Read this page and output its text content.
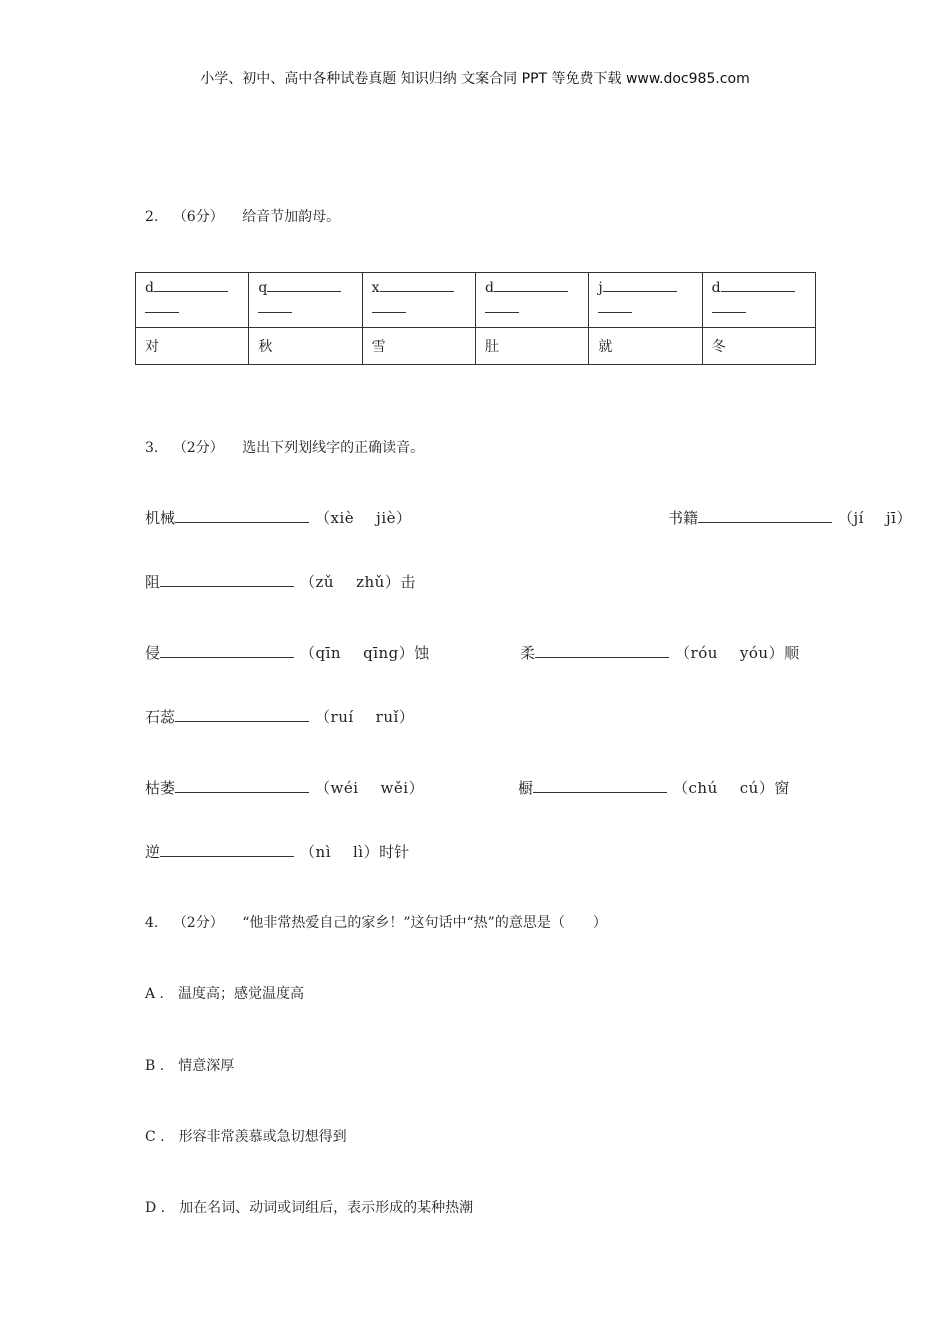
小学、初中、高中各种试卷真题 知识归纳 文案合同 PPT 等免费下载 www.doc985.com
2. （6分） 给音节加韵母。
d	q	x	d	j	d

对	秋	雪	肚	就	冬
3. （2分） 选出下列划线字的正确读音。
机械	（xiè jiè）	书籍	（jí jī）
阻	（zǔ zhǔ） 击
侵	（qīn qīng） 蚀	柔	（róu yóu） 顺
石蕊	（ruí ruǐ）
枯萎	（wéi wěi）	橱	（chú cú） 窗
逆	（nì lì） 时针
4. （2分） “他非常热爱自己的家乡！”这句话中“热”的意思是（　　）
A . 温度高；感觉温度高
B . 情意深厚
C . 形容非常羡慕或急切想得到
D . 加在名词、动词或词组后，表示形成的某种热潮
